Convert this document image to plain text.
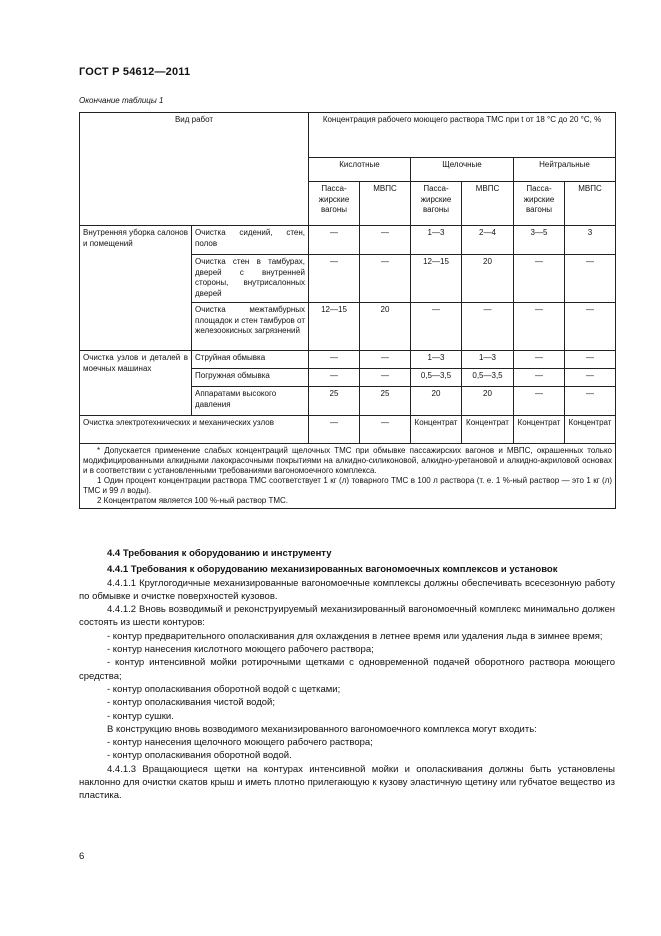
ГОСТ Р 54612—2011
Окончание таблицы 1
Вид работ		Концентрация рабочего моющего раствора ТМС при t от 18 °С до 20 °С, %					
		Кислотные		Щелочные		Нейтральные	
		Пасса-жирские вагоны	МВПС	Пасса-жирские вагоны	МВПС	Пасса-жирские вагоны	МВПС
Внутренняя уборка салонов и помещений	Очистка сидений, стен, полов	—	—	1—3	2—4	3—5	3
	Очистка стен в тамбурах, дверей с внутренней стороны, внутрисалонных дверей	—	—	12—15	20	—	—
	Очистка межтамбурных площадок и стен тамбуров от железоокисных загрязнений	12—15	20	—	—	—	—
Очистка узлов и деталей в моечных машинах	Струйная обмывка	—	—	1—3	1—3	—	—
	Погружная обмывка	—	—	0,5—3,5	0,5—3,5	—	—
	Аппаратами высокого давления	25	25	20	20	—	—
Очистка электротехнических и механических узлов		—	—	Концентрат	Концентрат	Концентрат	Концентрат

* Допускается применение слабых концентраций щелочных ТМС при обмывке пассажирских вагонов и МВПС, окрашенных только модифицированными алкидными лакокрасочными покрытиями на алкидно-силиконовой, алкидно-уретановой и алкидно-акриловой основах и в соответствии с установленными требованиями вагономоечного комплекса.

1 Один процент концентрации раствора ТМС соответствует 1 кг (л) товарного ТМС в 100 л раствора (т. е. 1 %-ный раствор — это 1 кг (л) ТМС и 99 л воды).

2 Концентратом является 100 %-ный раствор ТМС.							

4.4 Требования к оборудованию и инструменту

4.4.1 Требования к оборудованию механизированных вагономоечных комплексов и установок

4.4.1.1 Круглогодичные механизированные вагономоечные комплексы должны обеспечивать всесезонную работу по обмывке и очистке поверхностей кузовов.

4.4.1.2 Вновь возводимый и реконструируемый механизированный вагономоечный комплекс минимально должен состоять из шести контуров:

- контур предварительного ополаскивания для охлаждения в летнее время или удаления льда в зимнее время;

- контур нанесения кислотного моющего рабочего раствора;

- контур интенсивной мойки ротирочными щетками с одновременной подачей оборотного раствора моющего средства;

- контур ополаскивания оборотной водой с щетками;

- контур ополаскивания чистой водой;

- контур сушки.

В конструкцию вновь возводимого механизированного вагономоечного комплекса могут входить:

- контур нанесения щелочного моющего рабочего раствора;

- контур ополаскивания оборотной водой.

4.4.1.3 Вращающиеся щетки на контурах интенсивной мойки и ополаскивания должны быть установлены наклонно для очистки скатов крыш и иметь плотно прилегающую к кузову эластичную щетину или губчатое вещество из пластика.

6
